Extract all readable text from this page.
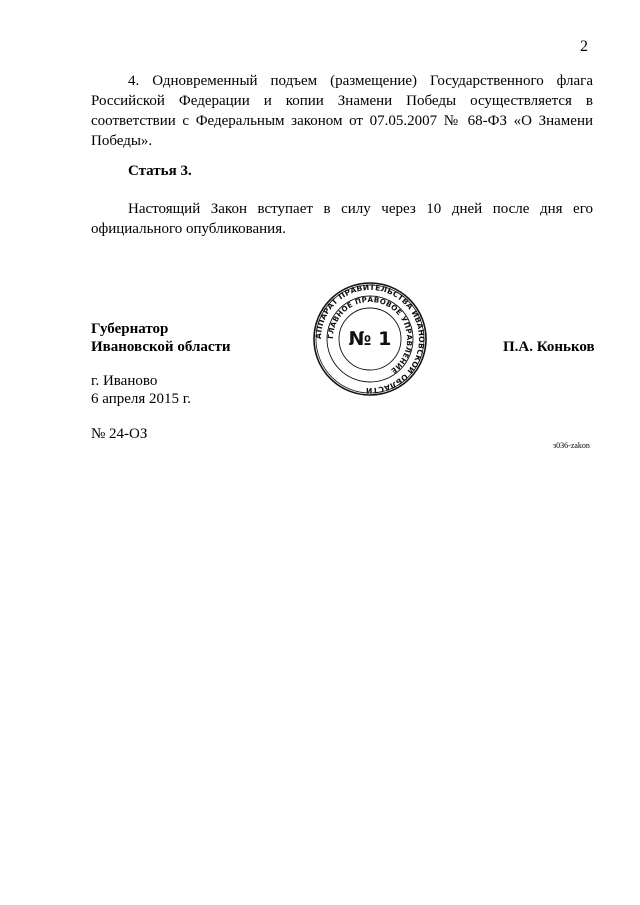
2

4. Одновременный подъем (размещение) Государственного флага Российской Федерации и копии Знамени Победы осуществляется в соответствии с Федеральным законом от 07.05.2007 № 68-ФЗ «О Знамени Победы».

Статья 3.

Настоящий Закон вступает в силу через 10 дней после дня его официального опубликования.

Губернатор
Ивановской области	П.А. Коньков
АППАРАТ ПРАВИТЕЛЬСТВА ИВАНОВСКОЙ ОБЛАСТИ
ГЛАВНОЕ ПРАВОВОЕ УПРАВЛЕНИЕ
№ 1
г. Иваново
6 апреля 2015 г.
№ 24-ОЗ
з036-zakon
